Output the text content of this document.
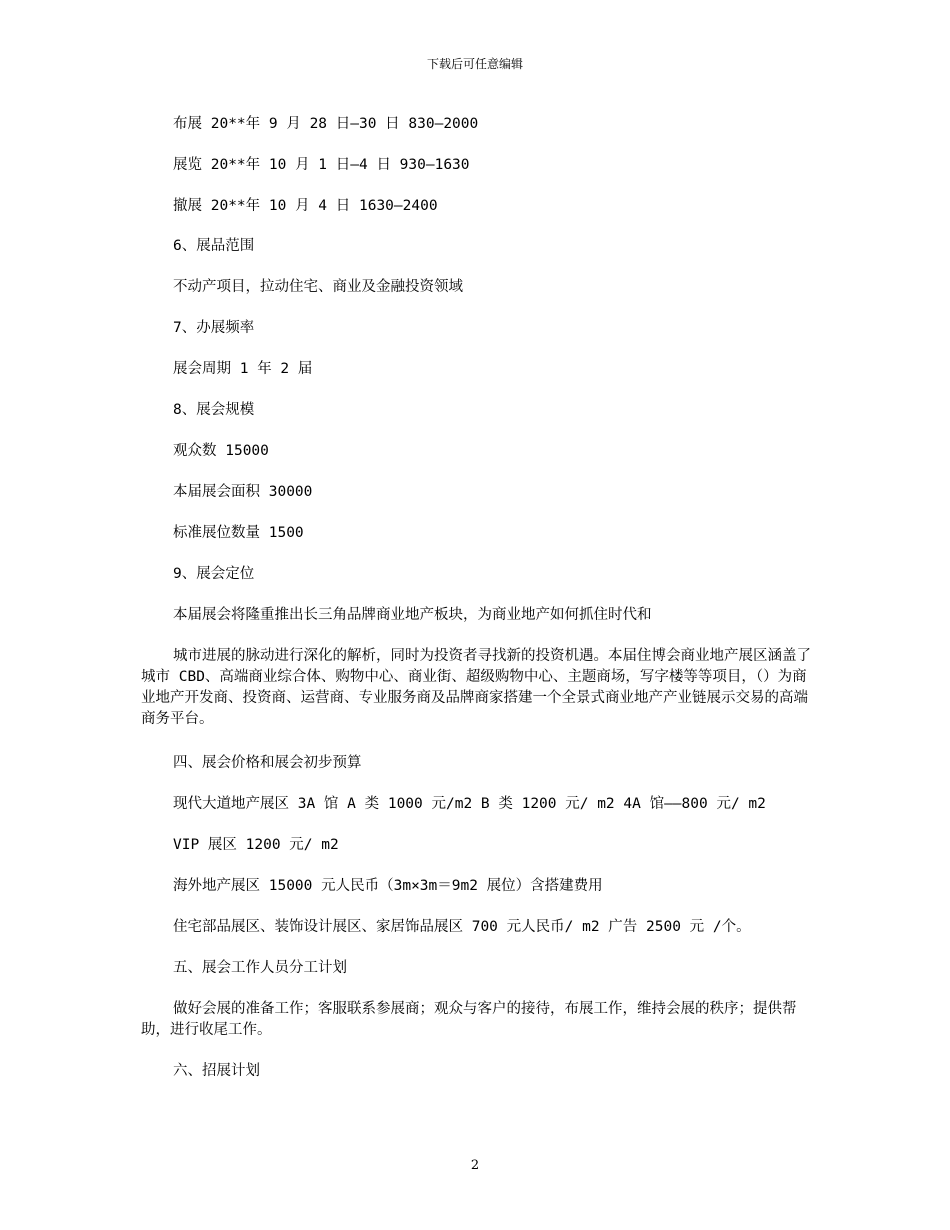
下载后可任意编辑
布展 20**年 9 月 28 日—30 日 830—2000
展览 20**年 10 月 1 日—4 日 930—1630
撤展 20**年 10 月 4 日 1630—2400
6、展品范围
不动产项目，拉动住宅、商业及金融投资领域
7、办展频率
展会周期 1 年 2 届
8、展会规模
观众数 15000
本届展会面积 30000
标准展位数量 1500
9、展会定位
本届展会将隆重推出长三角品牌商业地产板块，为商业地产如何抓住时代和
城市进展的脉动进行深化的解析，同时为投资者寻找新的投资机遇。本届住博会商业地产展区涵盖了城市 CBD、高端商业综合体、购物中心、商业街、超级购物中心、主题商场，写字楼等等项目，（）为商业地产开发商、投资商、运营商、专业服务商及品牌商家搭建一个全景式商业地产产业链展示交易的高端商务平台。
四、展会价格和展会初步预算
现代大道地产展区 3A 馆 A 类 1000 元/m2 B 类 1200 元/ m2 4A 馆——800 元/ m2
VIP 展区 1200 元/ m2
海外地产展区 15000 元人民币（3m×3m＝9m2 展位）含搭建费用
住宅部品展区、装饰设计展区、家居饰品展区 700 元人民币/ m2 广告 2500 元 /个。
五、展会工作人员分工计划
做好会展的准备工作；客服联系参展商；观众与客户的接待，布展工作，维持会展的秩序；提供帮助，进行收尾工作。
六、招展计划
2
